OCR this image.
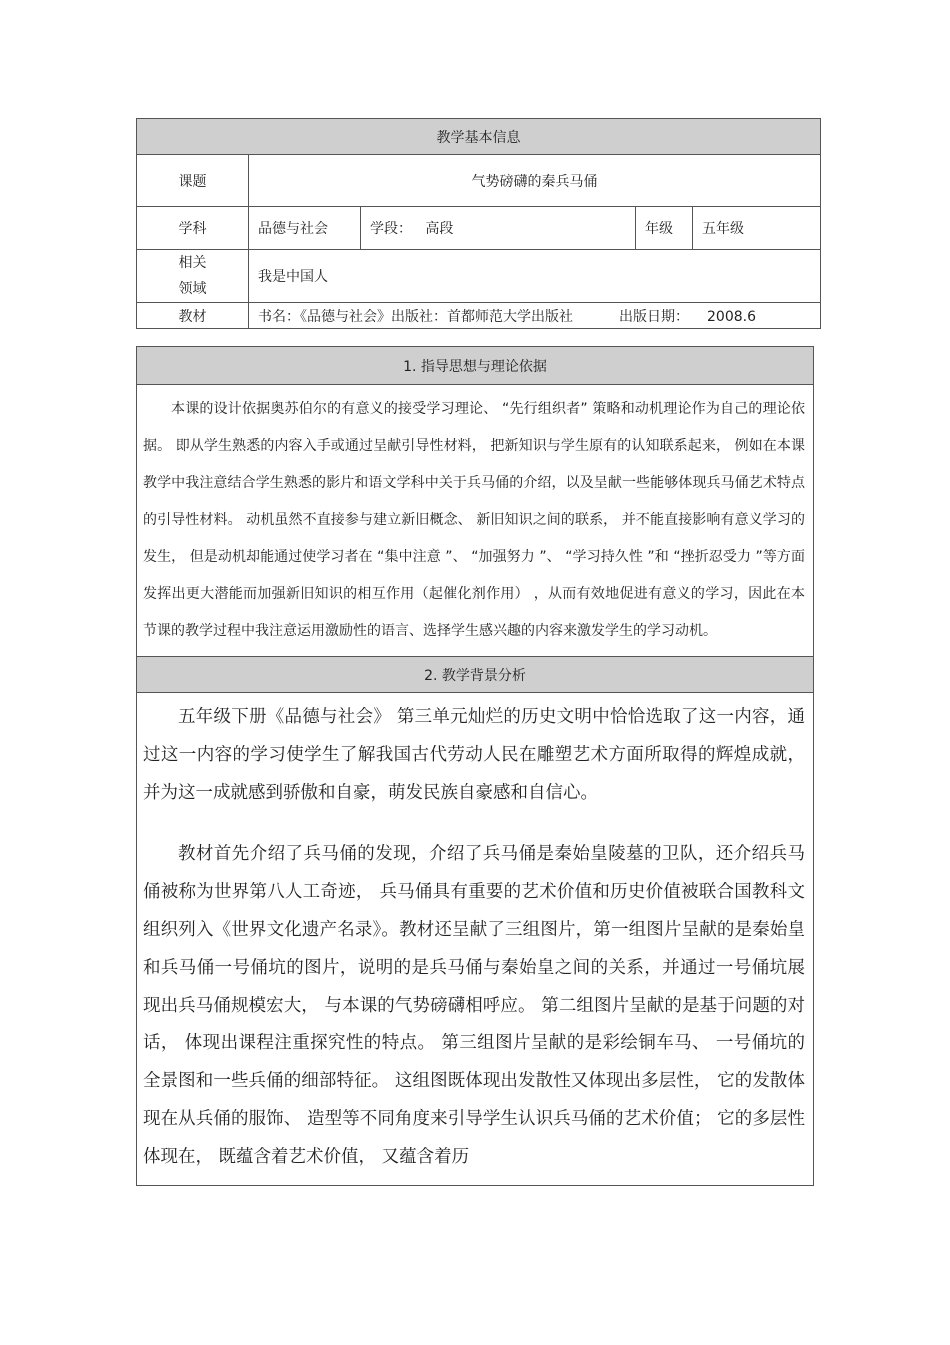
教学基本信息				
课题	气势磅礴的秦兵马俑			
学科	品德与社会	学段： 高段	年级	五年级

相关
领域	我是中国人			
教材	书名：《品德与社会》出版社：首都师范大学出版社 出版日期： 2008.6			
1. 指导思想与理论依据

本课的设计依据奥苏伯尔的有意义的接受学习理论、 “先行组织者” 策略和动机理论作为自己的理论依据。 即从学生熟悉的内容入手或通过呈献引导性材料， 把新知识与学生原有的认知联系起来， 例如在本课教学中我注意结合学生熟悉的影片和语文学科中关于兵马俑的介绍，以及呈献一些能够体现兵马俑艺术特点的引导性材料。 动机虽然不直接参与建立新旧概念、 新旧知识之间的联系， 并不能直接影响有意义学习的发生， 但是动机却能通过使学习者在 “集中注意 ”、 “加强努力 ”、 “学习持久性 ”和 “挫折忍受力 ”等方面发挥出更大潜能而加强新旧知识的相互作用（起催化剂作用） ，从而有效地促进有意义的学习，因此在本节课的教学过程中我注意运用激励性的语言、选择学生感兴趣的内容来激发学生的学习动机。

2. 教学背景分析

五年级下册《品德与社会》 第三单元灿烂的历史文明中恰恰选取了这一内容，通过这一内容的学习使学生了解我国古代劳动人民在雕塑艺术方面所取得的辉煌成就，并为这一成就感到骄傲和自豪，萌发民族自豪感和自信心。

教材首先介绍了兵马俑的发现，介绍了兵马俑是秦始皇陵墓的卫队，还介绍兵马俑被称为世界第八人工奇迹， 兵马俑具有重要的艺术价值和历史价值被联合国教科文组织列入《世界文化遗产名录》。教材还呈献了三组图片，第一组图片呈献的是秦始皇和兵马俑一号俑坑的图片，说明的是兵马俑与秦始皇之间的关系，并通过一号俑坑展现出兵马俑规模宏大， 与本课的气势磅礴相呼应。 第二组图片呈献的是基于问题的对话， 体现出课程注重探究性的特点。 第三组图片呈献的是彩绘铜车马、 一号俑坑的全景图和一些兵俑的细部特征。 这组图既体现出发散性又体现出多层性， 它的发散体现在从兵俑的服饰、 造型等不同角度来引导学生认识兵马俑的艺术价值； 它的多层性体现在， 既蕴含着艺术价值， 又蕴含着历
